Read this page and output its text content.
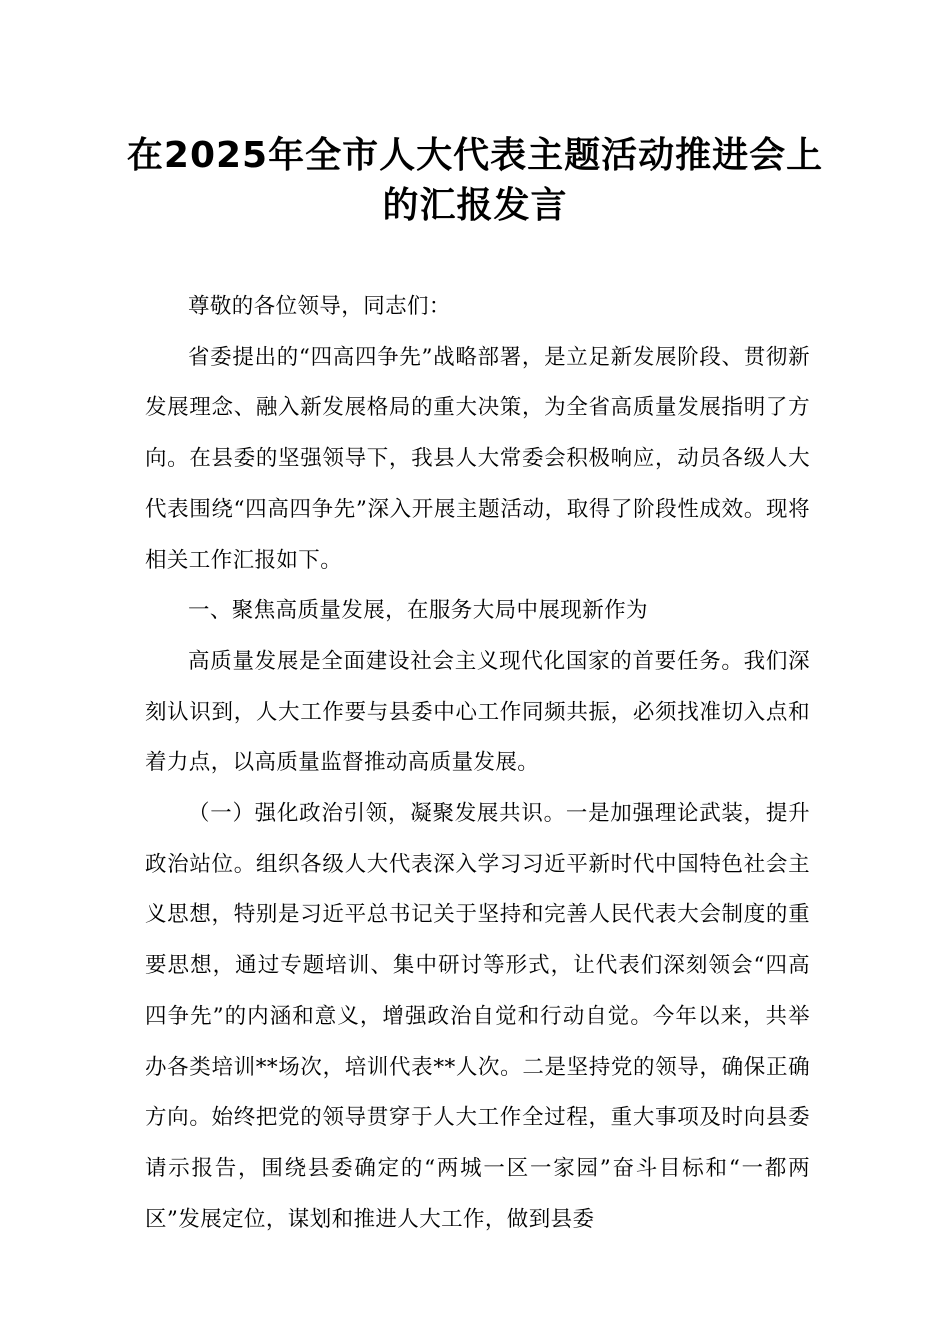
在2025年全市人大代表主题活动推进会上
的汇报发言

尊敬的各位领导，同志们：

省委提出的“四高四争先”战略部署，是立足新发展阶段、贯彻新发展理念、融入新发展格局的重大决策，为全省高质量发展指明了方向。在县委的坚强领导下，我县人大常委会积极响应，动员各级人大代表围绕“四高四争先”深入开展主题活动，取得了阶段性成效。现将相关工作汇报如下。

一、聚焦高质量发展，在服务大局中展现新作为

高质量发展是全面建设社会主义现代化国家的首要任务。我们深刻认识到，人大工作要与县委中心工作同频共振，必须找准切入点和着力点，以高质量监督推动高质量发展。

（一）强化政治引领，凝聚发展共识。一是加强理论武装，提升政治站位。组织各级人大代表深入学习习近平新时代中国特色社会主义思想，特别是习近平总书记关于坚持和完善人民代表大会制度的重要思想，通过专题培训、集中研讨等形式，让代表们深刻领会“四高四争先”的内涵和意义，增强政治自觉和行动自觉。今年以来，共举办各类培训**场次，培训代表**人次。二是坚持党的领导，确保正确方向。始终把党的领导贯穿于人大工作全过程，重大事项及时向县委请示报告，围绕县委确定的“两城一区一家园”奋斗目标和“一都两区”发展定位，谋划和推进人大工作，做到县委
